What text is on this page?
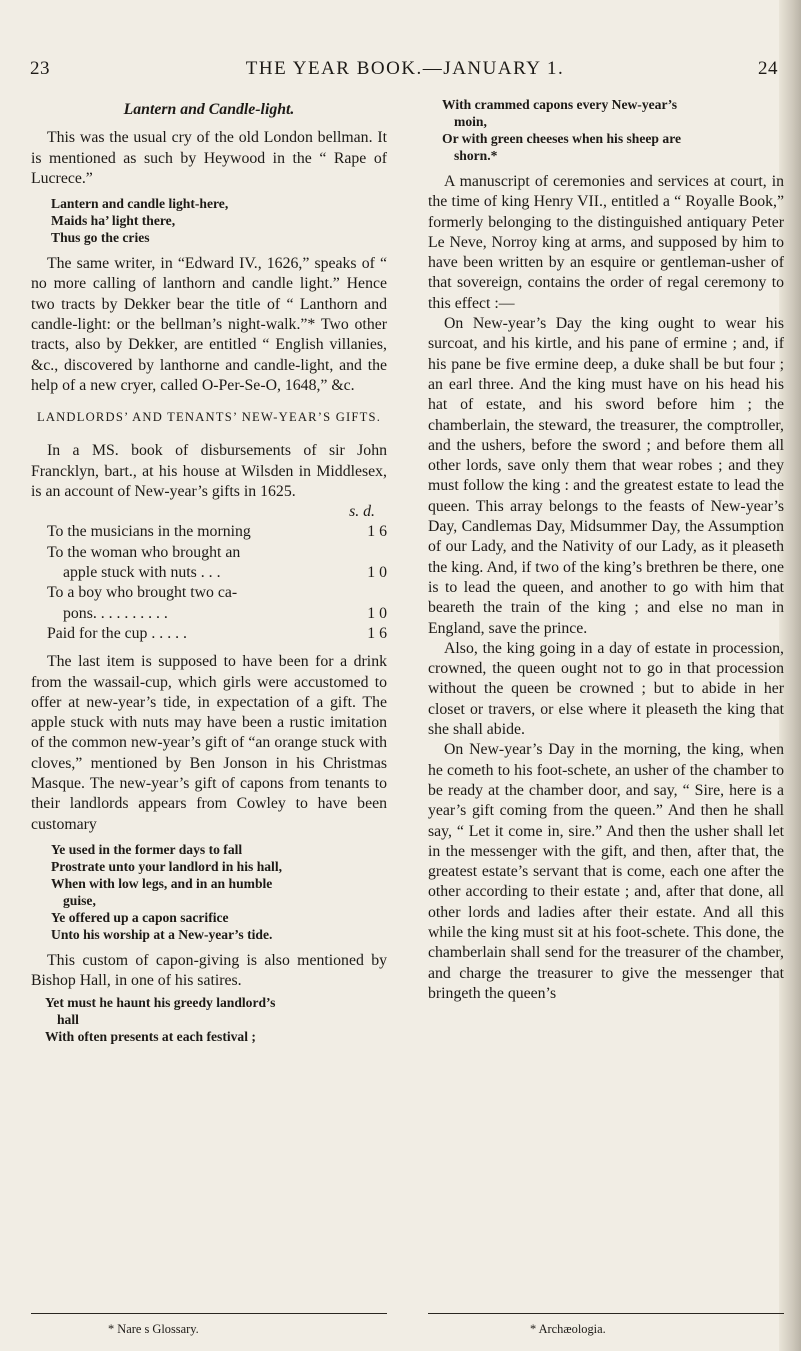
23	THE YEAR BOOK.—JANUARY 1.	24
Lantern and Candle-light.

This was the usual cry of the old London bellman. It is mentioned as such by Heywood in the “ Rape of Lucrece.”

Lantern and candle light-here,
Maids ha’ light there,
Thus go the cries

The same writer, in “Edward IV., 1626,” speaks of “ no more calling of lanthorn and candle light.” Hence two tracts by Dekker bear the title of “ Lanthorn and candle-light: or the bellman’s night-walk.”* Two other tracts, also by Dekker, are entitled “ English villanies, &c., discovered by lanthorne and candle-light, and the help of a new cryer, called O-Per-Se-O, 1648,” &c.

LANDLORDS’ AND TENANTS’ NEW-YEAR’S GIFTS.

In a MS. book of disbursements of sir John Francklyn, bart., at his house at Wilsden in Middlesex, is an account of New-year’s gifts in 1625.

s. d.
To the musicians in the morning	1 6
To the woman who brought an
apple stuck with nuts . . .	1 0
To a boy who brought two ca-
pons. . . . . . . . . .	1 0
Paid for the cup . . . . .	1 6

The last item is supposed to have been for a drink from the wassail-cup, which girls were accustomed to offer at new-year’s tide, in expectation of a gift. The apple stuck with nuts may have been a rustic imitation of the common new-year’s gift of “an orange stuck with cloves,” mentioned by Ben Jonson in his Christmas Masque. The new-year’s gift of capons from tenants to their landlords appears from Cowley to have been customary

Ye used in the former days to fall
Prostrate unto your landlord in his hall,
When with low legs, and in an humble
guise,
Ye offered up a capon sacrifice
Unto his worship at a New-year’s tide.

This custom of capon-giving is also mentioned by Bishop Hall, in one of his satires.

Yet must he haunt his greedy landlord’s
hall
With often presents at each festival ;
With crammed capons every New-year’s
moin,
Or with green cheeses when his sheep are
shorn.*

A manuscript of ceremonies and services at court, in the time of king Henry VII., entitled a “ Royalle Book,” formerly belonging to the distinguished antiquary Peter Le Neve, Norroy king at arms, and supposed by him to have been written by an esquire or gentleman-usher of that sovereign, contains the order of regal ceremony to this effect :—

On New-year’s Day the king ought to wear his surcoat, and his kirtle, and his pane of ermine ; and, if his pane be five ermine deep, a duke shall be but four ; an earl three. And the king must have on his head his hat of estate, and his sword before him ; the chamberlain, the steward, the treasurer, the comptroller, and the ushers, before the sword ; and before them all other lords, save only them that wear robes ; and they must follow the king : and the greatest estate to lead the queen. This array belongs to the feasts of New-year’s Day, Candlemas Day, Midsummer Day, the Assumption of our Lady, and the Nativity of our Lady, as it pleaseth the king. And, if two of the king’s brethren be there, one is to lead the queen, and another to go with him that beareth the train of the king ; and else no man in England, save the prince.

Also, the king going in a day of estate in procession, crowned, the queen ought not to go in that procession without the queen be crowned ; but to abide in her closet or travers, or else where it pleaseth the king that she shall abide.

On New-year’s Day in the morning, the king, when he cometh to his foot-schete, an usher of the chamber to be ready at the chamber door, and say, “ Sire, here is a year’s gift coming from the queen.” And then he shall say, “ Let it come in, sire.” And then the usher shall let in the messenger with the gift, and then, after that, the greatest estate’s servant that is come, each one after the other according to their estate ; and, after that done, all other lords and ladies after their estate. And all this while the king must sit at his foot-schete. This done, the chamberlain shall send for the treasurer of the chamber, and charge the treasurer to give the messenger that bringeth the queen’s

* Nare s Glossary.	* Archæologia.
